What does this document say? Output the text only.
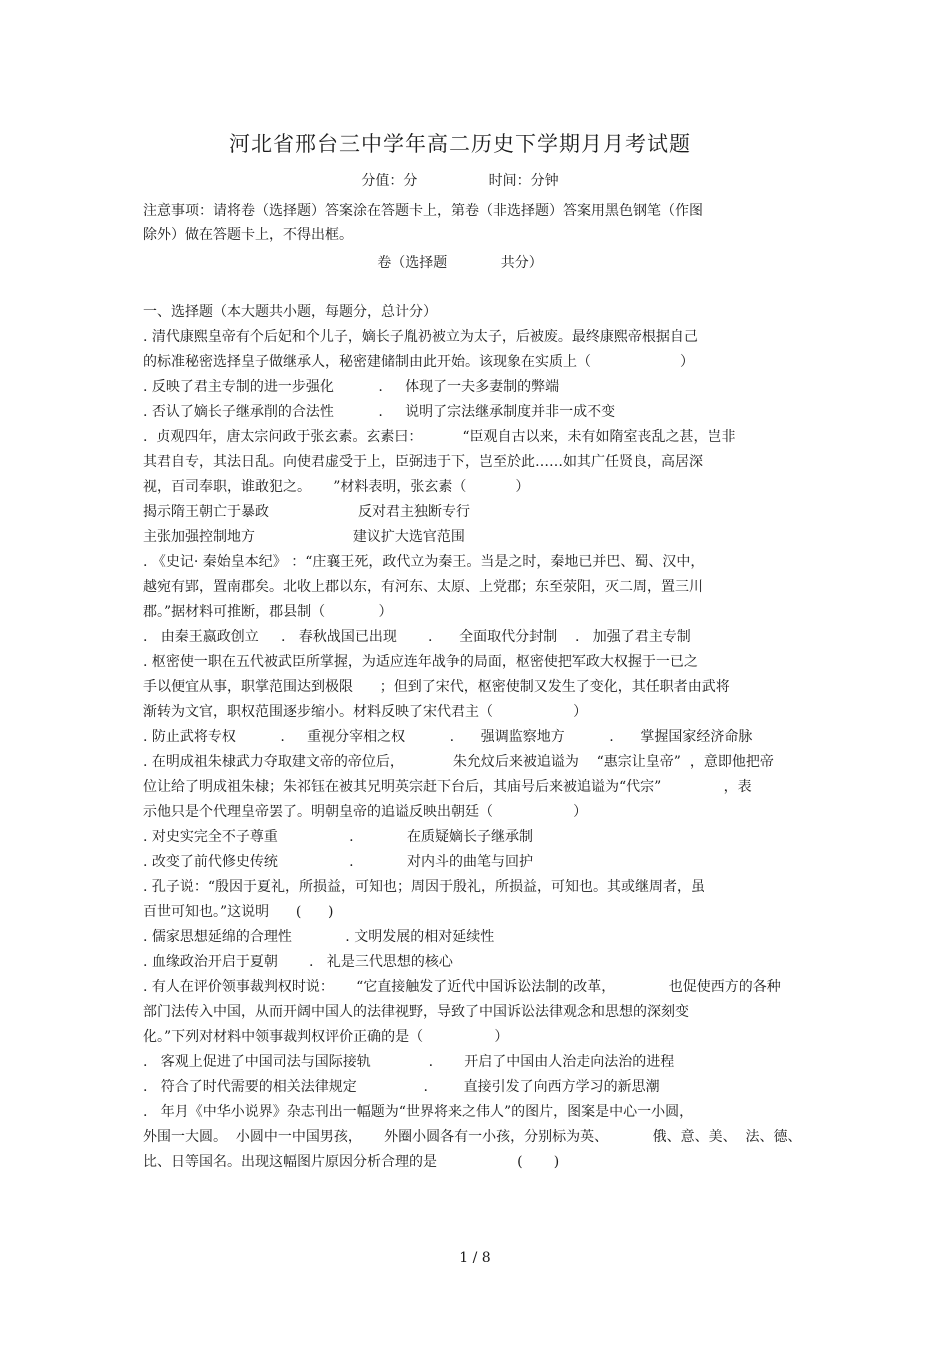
河北省邢台三中学年高二历史下学期月月考试题
分值：分                时间：分钟
注意事项：请将卷（选择题）答案涂在答题卡上，第卷（非选择题）答案用黑色钢笔（作图
除外）做在答题卡上，不得出框。
卷（选择题            共分）
一、选择题（本大题共小题，每题分，总计分）
. 清代康熙皇帝有个后妃和个儿子，嫡长子胤礽被立为太子，后被废。最终康熙帝根据自己
的标准秘密选择皇子做继承人，秘密建储制由此开始。该现象在实质上（                    ）
. 反映了君主专制的进一步强化          .     体现了一夫多妻制的弊端
. 否认了嫡长子继承削的合法性          .     说明了宗法继承制度并非一成不变
.  贞观四年，唐太宗问政于张玄素。玄素曰：         “臣观自古以来，未有如隋室丧乱之甚，岂非
其君自专，其法日乱。向使君虚受于上，臣弼违于下，岂至於此……如其广任贤良，高居深
视，百司奉职，谁敢犯之。     ”材料表明，张玄素（           ）
揭示隋王朝亡于暴政                    反对君主独断专行
主张加强控制地方                      建议扩大选官范围
. 《史记· 秦始皇本纪》 ：“庄襄王死，政代立为秦王。当是之时，秦地已并巴、蜀、汉中，
越宛有郢，置南郡矣。北收上郡以东，有河东、太原、上党郡；东至荥阳，灭二周，置三川
郡。”据材料可推断，郡县制（            ）
.   由秦王嬴政创立     .   春秋战国已出现       .      全面取代分封制    .   加强了君主专制
. 枢密使一职在五代被武臣所掌握，为适应连年战争的局面，枢密使把军政大权握于一已之
手以便宜从事，职掌范围达到极限      ；但到了宋代，枢密使制又发生了变化，其任职者由武将
渐转为文官，职权范围逐步缩小。材料反映了宋代君主（                  ）
. 防止武将专权          .     重视分宰相之权          .      强调监察地方          .      掌握国家经济命脉
. 在明成祖朱棣武力夺取建文帝的帝位后，           朱允炆后来被追谥为    “惠宗让皇帝”  ，意即他把帝
位让给了明成祖朱棣；朱祁钰在被其兄明英宗赶下台后，其庙号后来被追谥为“代宗”              ，表
示他只是个代理皇帝罢了。明朝皇帝的追谥反映出朝廷（                  ）
. 对史实完全不子尊重                .            在质疑嫡长子继承制
. 改变了前代修史传统                .            对内斗的曲笔与回护
. 孔子说：“殷因于夏礼，所损益，可知也；周因于殷礼，所损益，可知也。其或继周者，虽
百世可知也。”这说明      (      )
. 儒家思想延绵的合理性            . 文明发展的相对延续性
. 血缘政治开启于夏朝       .   礼是三代思想的核心
. 有人在评价领事裁判权时说：     “它直接触发了近代中国诉讼法制的改革，            也促使西方的各种
部门法传入中国，从而开阔中国人的法律视野，导致了中国诉讼法律观念和思想的深刻变
化。”下列对材料中领事裁判权评价正确的是（                ）
.   客观上促进了中国司法与国际接轨             .       开启了中国由人治走向法治的进程
.   符合了时代需要的相关法律规定               .        直接引发了向西方学习的新思潮
.   年月《中华小说界》杂志刊出一幅题为“世界将来之伟人”的图片，图案是中心一小圆，
外围一大圆。  小圆中一中国男孩，     外圈小圆各有一小孩，分别标为英、          俄、意、美、  法、德、
比、日等国名。出现这幅图片原因分析合理的是                  (       )
1 / 8
